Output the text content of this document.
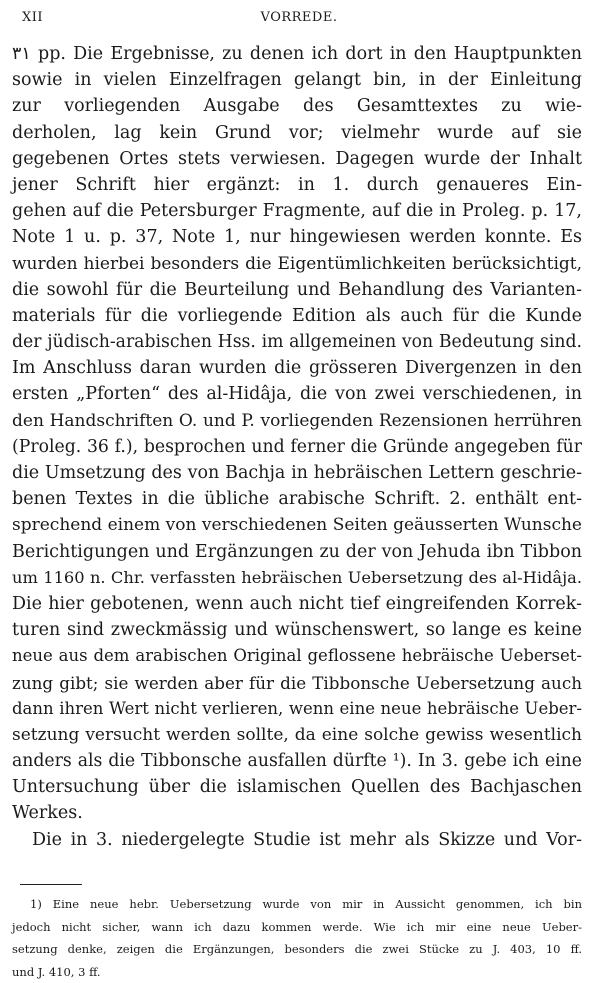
XII	VORREDE.
۳۱ pp. Die Ergebnisse, zu denen ich dort in den Hauptpunkten
sowie in vielen Einzelfragen gelangt bin, in der Einleitung
zur vorliegenden Ausgabe des Gesamttextes zu wie-
derholen, lag kein Grund vor; vielmehr wurde auf sie
gegebenen Ortes stets verwiesen. Dagegen wurde der Inhalt
jener Schrift hier ergänzt: in 1. durch genaueres Ein-
gehen auf die Petersburger Fragmente, auf die in Proleg. p. 17,
Note 1 u. p. 37, Note 1, nur hingewiesen werden konnte. Es
wurden hierbei besonders die Eigentümlichkeiten berücksichtigt,
die sowohl für die Beurteilung und Behandlung des Varianten-
materials für die vorliegende Edition als auch für die Kunde
der jüdisch-arabischen Hss. im allgemeinen von Bedeutung sind.
Im Anschluss daran wurden die grösseren Divergenzen in den
ersten „Pforten“ des al-Hidâja, die von zwei verschiedenen, in
den Handschriften O. und P. vorliegenden Rezensionen herrühren
(Proleg. 36 f.), besprochen und ferner die Gründe angegeben für
die Umsetzung des von Bachja in hebräischen Lettern geschrie-
benen Textes in die übliche arabische Schrift. 2. enthält ent-
sprechend einem von verschiedenen Seiten geäusserten Wunsche
Berichtigungen und Ergänzungen zu der von Jehuda ibn Tibbon
um 1160 n. Chr. verfassten hebräischen Uebersetzung des al-Hidâja.
Die hier gebotenen, wenn auch nicht tief eingreifenden Korrek-
turen sind zweckmässig und wünschenswert, so lange es keine
neue aus dem arabischen Original geflossene hebräische Ueberset-
zung gibt; sie werden aber für die Tibbonsche Uebersetzung auch
dann ihren Wert nicht verlieren, wenn eine neue hebräische Ueber-
setzung versucht werden sollte, da eine solche gewiss wesentlich
anders als die Tibbonsche ausfallen dürfte ¹). In 3. gebe ich eine
Untersuchung über die islamischen Quellen des Bachjaschen
Werkes.
Die in 3. niedergelegte Studie ist mehr als Skizze und Vor-
1) Eine neue hebr. Uebersetzung wurde von mir in Aussicht genommen, ich bin
jedoch nicht sicher, wann ich dazu kommen werde. Wie ich mir eine neue Ueber-
setzung denke, zeigen die Ergänzungen, besonders die zwei Stücke zu J. 403, 10 ff.
und J. 410, 3 ff.
